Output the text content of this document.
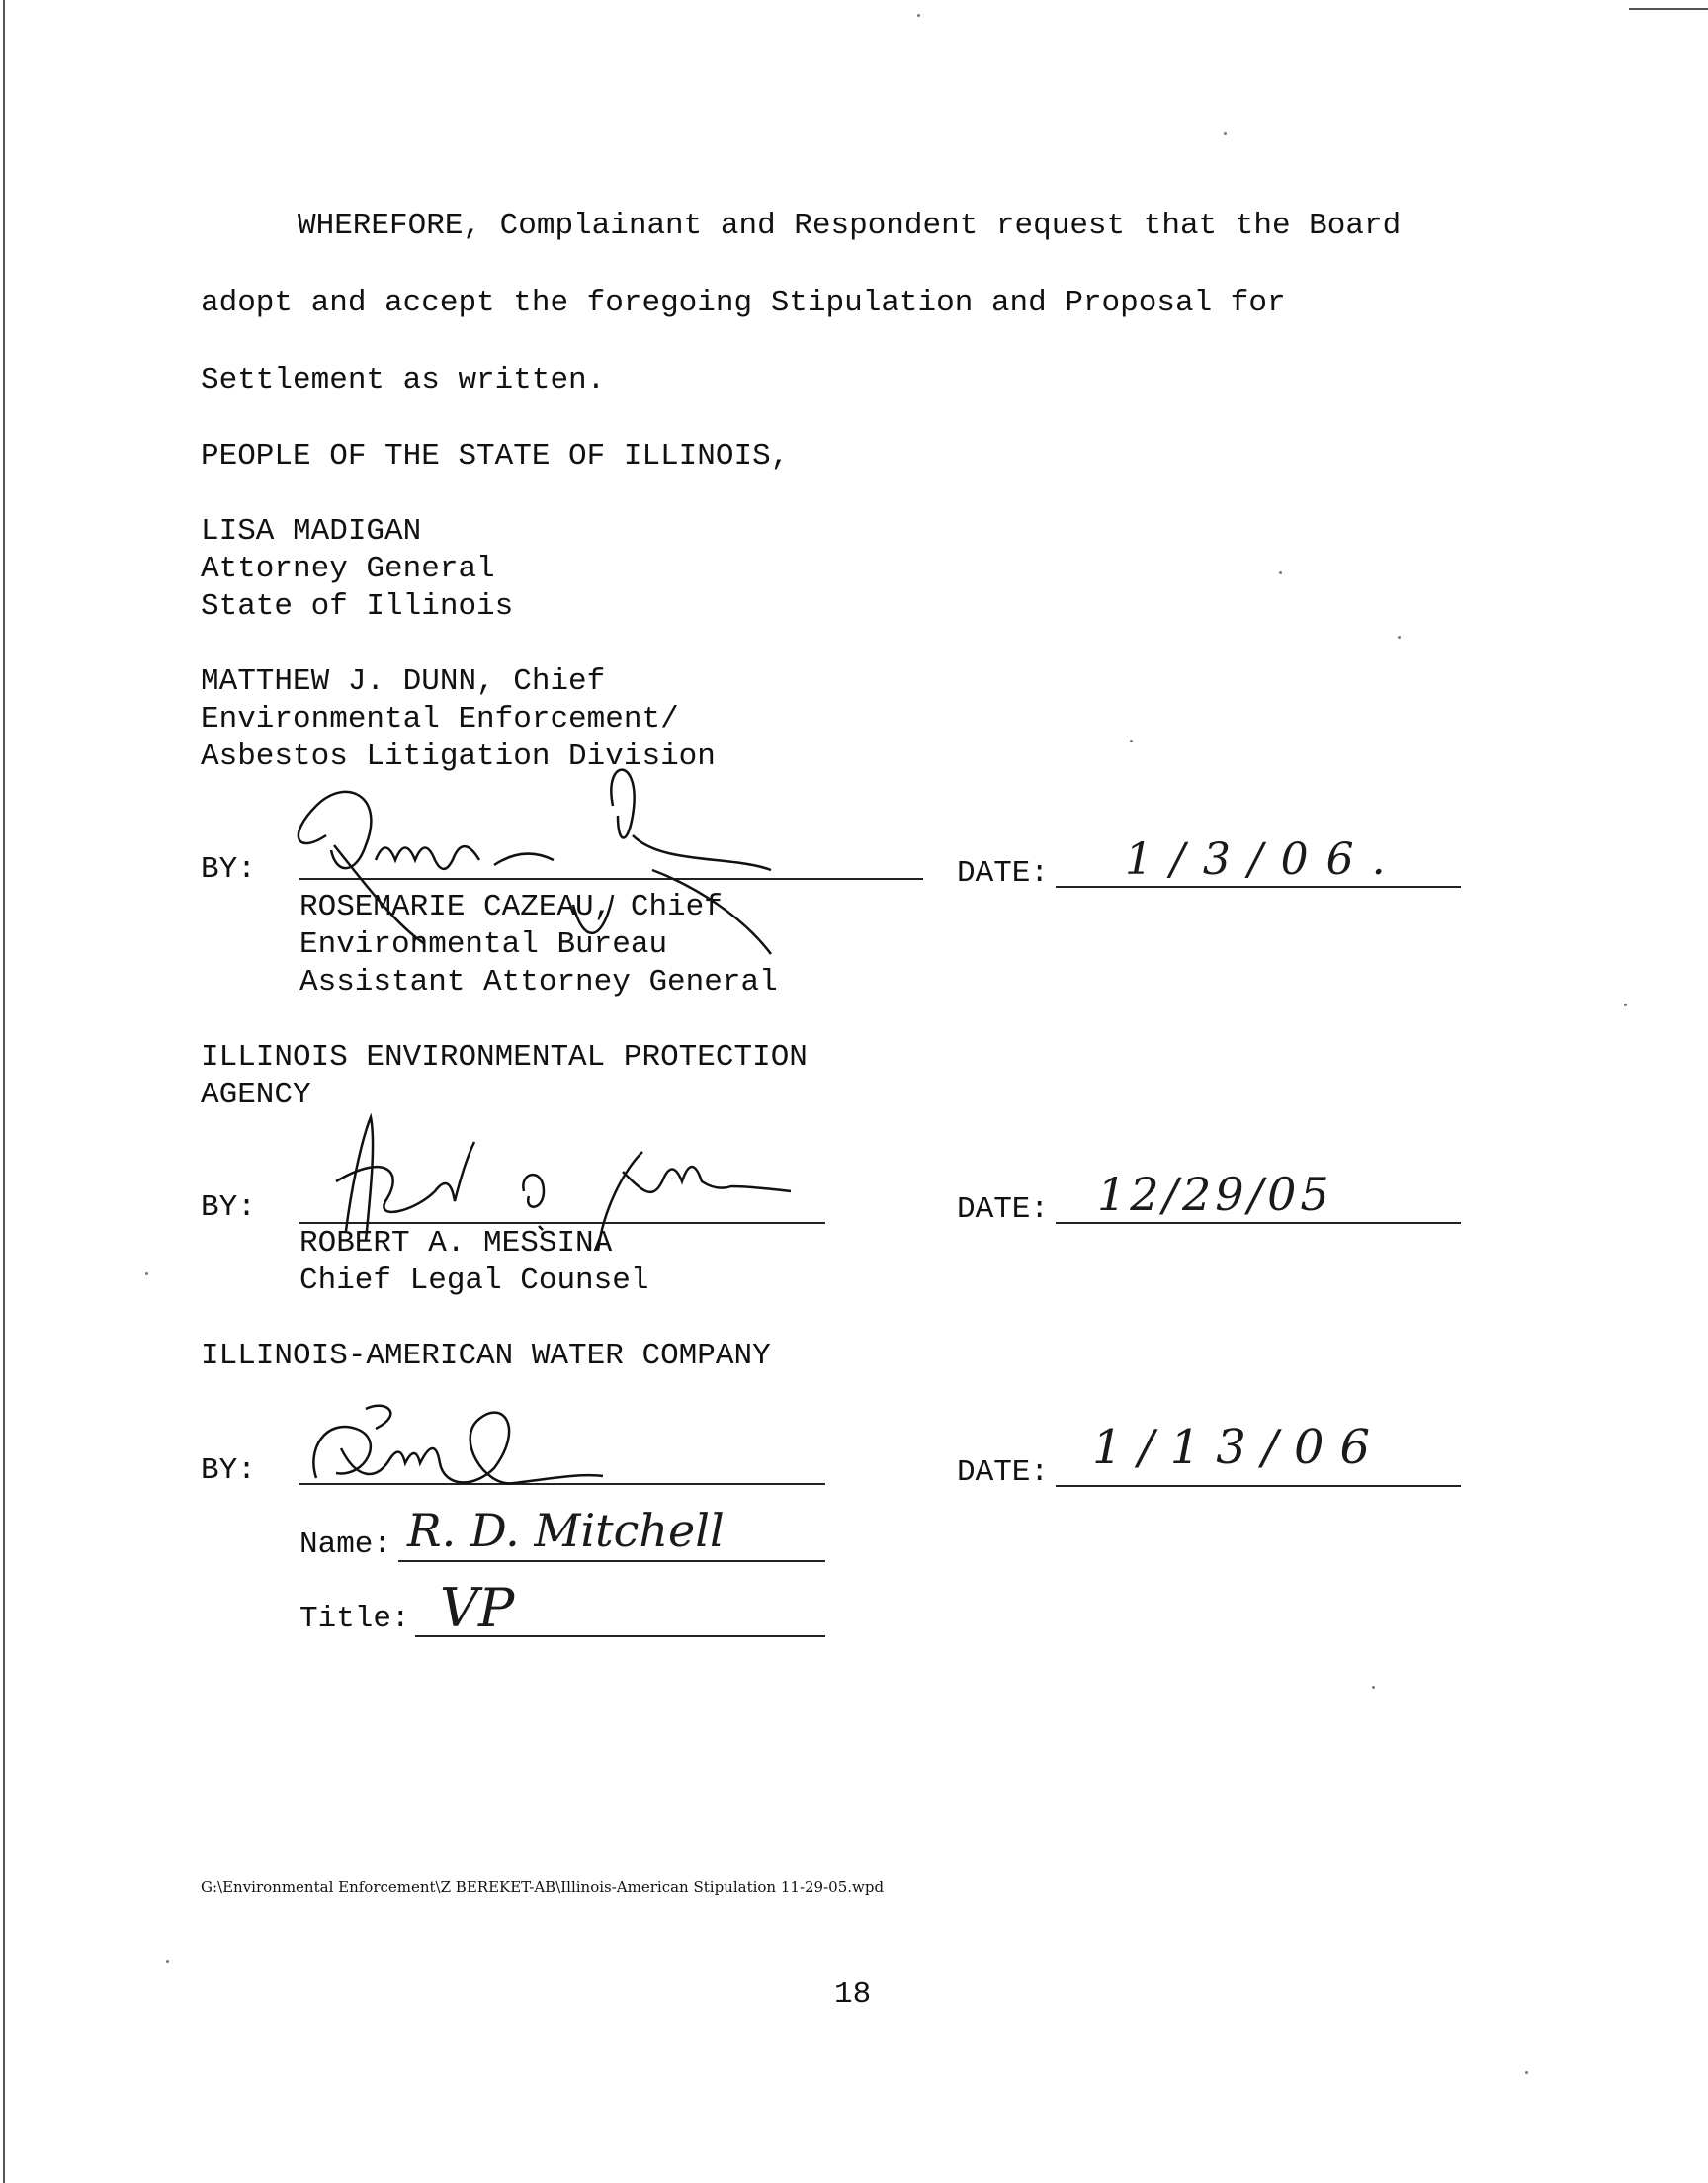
WHEREFORE, Complainant and Respondent request that the Board
adopt and accept the foregoing Stipulation and Proposal for
Settlement as written.
PEOPLE OF THE STATE OF ILLINOIS,
LISA MADIGAN
Attorney General
State of Illinois
MATTHEW J. DUNN, Chief
Environmental Enforcement/
Asbestos Litigation Division
BY:
ROSEMARIE CAZEAU, Chief
Environmental Bureau
Assistant Attorney General
DATE: 1/3/06.
ILLINOIS ENVIRONMENTAL PROTECTION
AGENCY
BY:
ROBERT A. MESSINA
Chief Legal Counsel
DATE: 12/29/05
ILLINOIS-AMERICAN WATER COMPANY
BY:	DATE: 1/13/06
Name: R. D. Mitchell
Title: VP
G:\Environmental Enforcement\Z BEREKET-AB\Illinois-American Stipulation 11-29-05.wpd
18
